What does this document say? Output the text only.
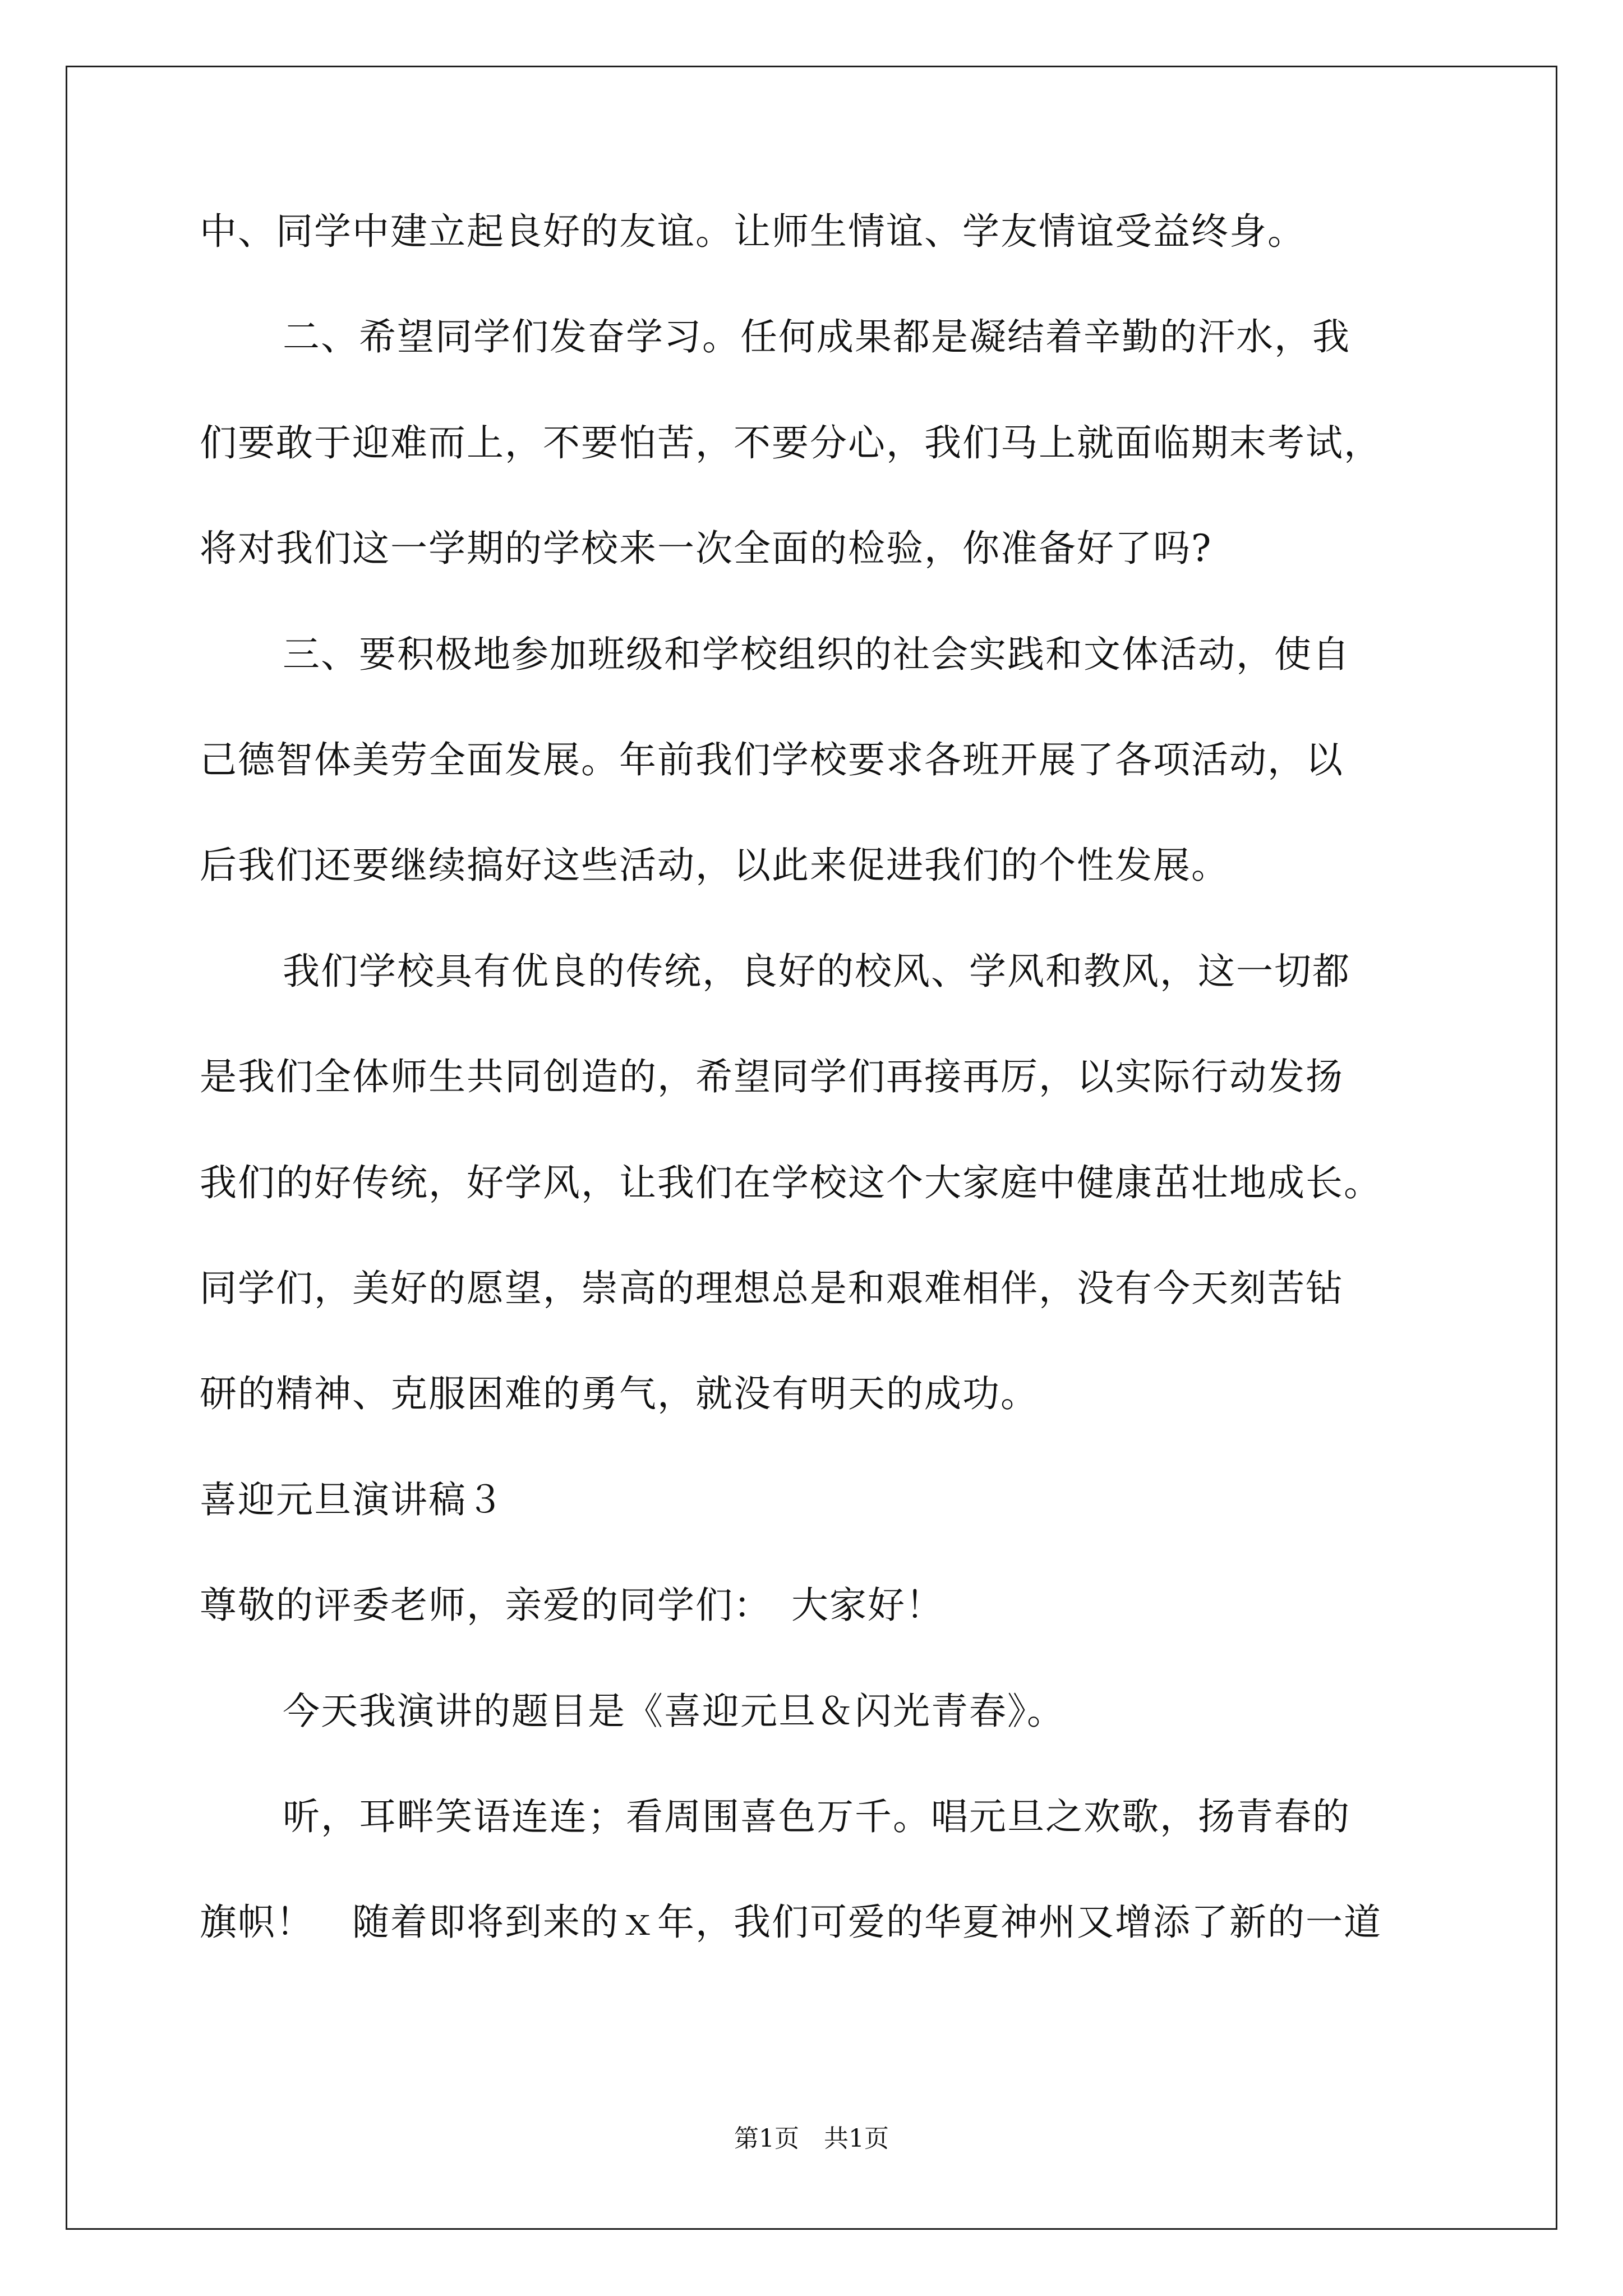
中、同学中建立起良好的友谊。让师生情谊、学友情谊受益终身。
二、希望同学们发奋学习。任何成果都是凝结着辛勤的汗水，我
们要敢于迎难而上，不要怕苦，不要分心，我们马上就面临期末考试，
将对我们这一学期的学校来一次全面的检验，你准备好了吗?
三、要积极地参加班级和学校组织的社会实践和文体活动，使自
己德智体美劳全面发展。年前我们学校要求各班开展了各项活动，以
后我们还要继续搞好这些活动，以此来促进我们的个性发展。
我们学校具有优良的传统，良好的校风、学风和教风，这一切都
是我们全体师生共同创造的，希望同学们再接再厉，以实际行动发扬
我们的好传统，好学风，让我们在学校这个大家庭中健康茁壮地成长。
同学们，美好的愿望，崇高的理想总是和艰难相伴，没有今天刻苦钻
研的精神、克服困难的勇气，就没有明天的成功。
喜迎元旦演讲稿３
尊敬的评委老师，亲爱的同学们：　大家好！
今天我演讲的题目是《喜迎元旦＆闪光青春》。
听，耳畔笑语连连；看周围喜色万千。唱元旦之欢歌，扬青春的
旗帜！　随着即将到来的ｘ年，我们可爱的华夏神州又增添了新的一道
第1页　共1页
